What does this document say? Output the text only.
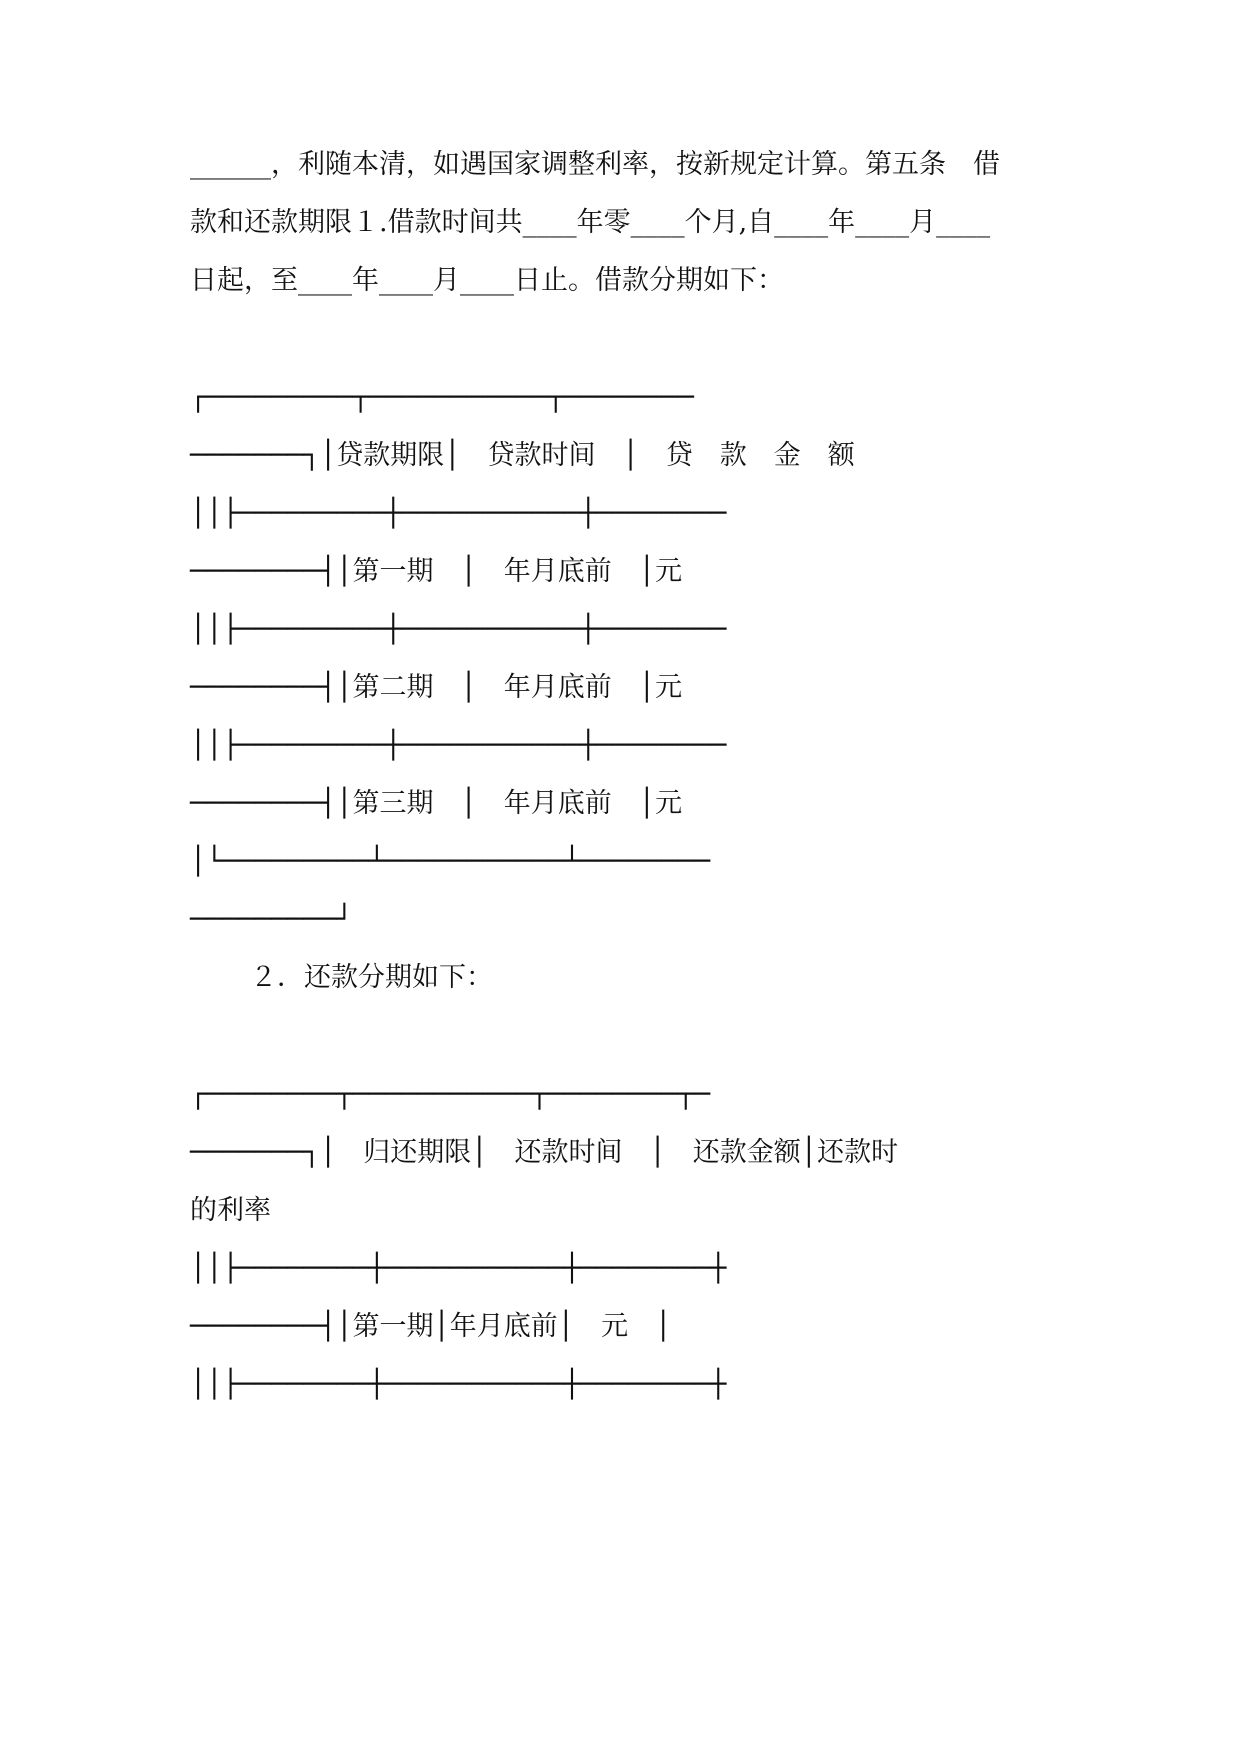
______，利随本清，如遇国家调整利率，按新规定计算。第五条　借
款和还款期限１.借款时间共____年零____个月,自____年____月____
日起，至____年____月____日止。借款分期如下：
┌─────────┬───────────┬────────
───────┐│贷款期限│　贷款时间　│　贷　款　金　额
││├─────────┼───────────┼────────
────────┤│第一期　│　年月底前　│元
││├─────────┼───────────┼────────
────────┤│第二期　│　年月底前　│元
││├─────────┼───────────┼────────
────────┤│第三期　│　年月底前　│元
│└─────────┴───────────┴────────
─────────┘
２．还款分期如下：
┌────────┬───────────┬────────┬─
───────┐│　归还期限│　还款时间　│　还款金额│还款时
的利率
││├────────┼───────────┼────────┼
────────┤│第一期│年月底前│　元　│
││├────────┼───────────┼────────┼
